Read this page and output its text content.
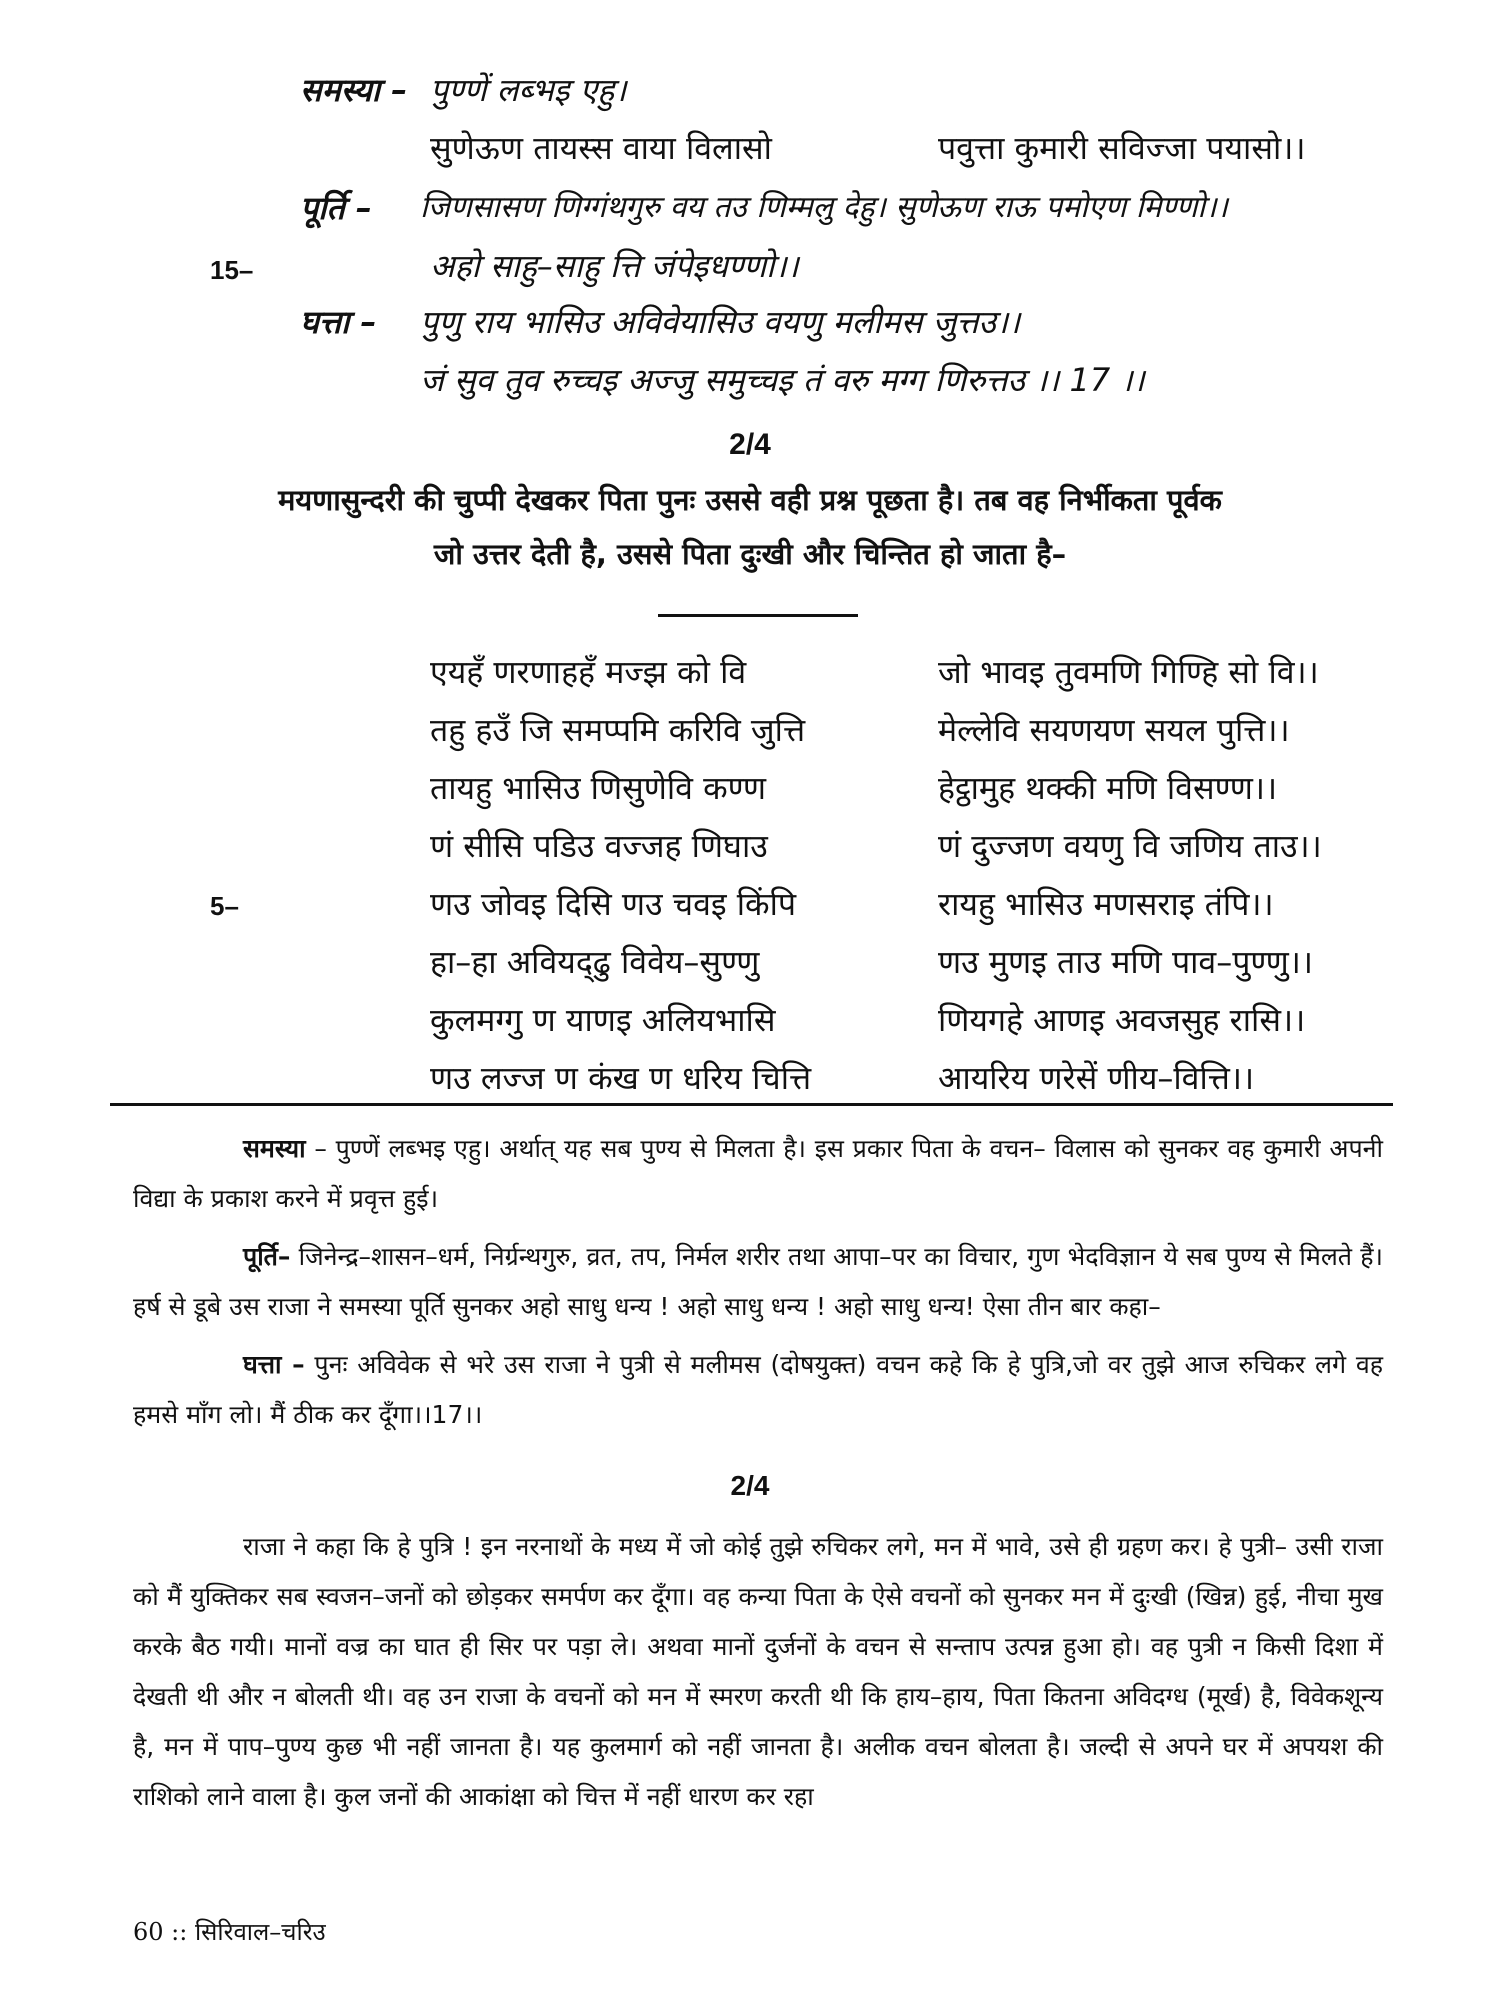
समस्या – पुण्णें लब्भइ एहु।
सुणेऊण तायस्स वाया विलासो	पवुत्ता कुमारी सविज्जा पयासो।।
पूर्ति – जिणसासण णिग्गंथगुरु वय तउ णिम्मलु देहु। सुणेऊण राऊ पमोएण मिण्णो।।
15–	अहो साहु–साहु त्ति जंपेइधण्णो।।
घत्ता – पुणु राय भासिउ अविवेयासिउ वयणु मलीमस जुत्तउ।।
जं सुव तुव रुच्चइ अज्जु समुच्चइ तं वरु मग्ग णिरुत्तउ ।। 17 ।।
2/4
मयणासुन्दरी की चुप्पी देखकर पिता पुनः उससे वही प्रश्न पूछता है। तब वह निर्भीकता पूर्वक
जो उत्तर देती है, उससे पिता दुःखी और चिन्तित हो जाता है–
एयहँ णरणाहहँ मज्झ को वि	जो भावइ तुवमणि गिण्हि सो वि।।
तहु हउँ जि समप्पमि करिवि जुत्ति	मेल्लेवि सयणयण सयल पुत्ति।।
तायहु भासिउ णिसुणेवि कण्ण	हेट्ठामुह थक्की मणि विसण्ण।।
णं सीसि पडिउ वज्जह णिघाउ	णं दुज्जण वयणु वि जणिय ताउ।।
5–	णउ जोवइ दिसि णउ चवइ किंपि	रायहु भासिउ मणसराइ तंपि।।
हा–हा अवियद्ढु विवेय–सुण्णु	णउ मुणइ ताउ मणि पाव–पुण्णु।।
कुलमग्गु ण याणइ अलियभासि	णियगहे आणइ अवजसुह रासि।।
णउ लज्ज ण कंख ण धरिय चित्ति	आयरिय णरेसें णीय–वित्ति।।
समस्या – पुण्णें लब्भइ एहु। अर्थात् यह सब पुण्य से मिलता है। इस प्रकार पिता के वचन– विलास को सुनकर वह कुमारी अपनी विद्या के प्रकाश करने में प्रवृत्त हुई।
पूर्ति– जिनेन्द्र–शासन–धर्म, निर्ग्रन्थगुरु, व्रत, तप, निर्मल शरीर तथा आपा–पर का विचार, गुण भेदविज्ञान ये सब पुण्य से मिलते हैं। हर्ष से डूबे उस राजा ने समस्या पूर्ति सुनकर अहो साधु धन्य ! अहो साधु धन्य ! अहो साधु धन्य! ऐसा तीन बार कहा–
घत्ता – पुनः अविवेक से भरे उस राजा ने पुत्री से मलीमस (दोषयुक्त) वचन कहे कि हे पुत्रि,जो वर तुझे आज रुचिकर लगे वह हमसे माँग लो। मैं ठीक कर दूँगा।।17।।
2/4
राजा ने कहा कि हे पुत्रि ! इन नरनाथों के मध्य में जो कोई तुझे रुचिकर लगे, मन में भावे, उसे ही ग्रहण कर। हे पुत्री– उसी राजा को मैं युक्तिकर सब स्वजन–जनों को छोड़कर समर्पण कर दूँगा। वह कन्या पिता के ऐसे वचनों को सुनकर मन में दुःखी (खिन्न) हुई, नीचा मुख करके बैठ गयी। मानों वज्र का घात ही सिर पर पड़ा ले। अथवा मानों दुर्जनों के वचन से सन्ताप उत्पन्न हुआ हो। वह पुत्री न किसी दिशा में देखती थी और न बोलती थी। वह उन राजा के वचनों को मन में स्मरण करती थी कि हाय–हाय, पिता कितना अविदग्ध (मूर्ख) है, विवेकशून्य है, मन में पाप–पुण्य कुछ भी नहीं जानता है। यह कुलमार्ग को नहीं जानता है। अलीक वचन बोलता है। जल्दी से अपने घर में अपयश की राशिको लाने वाला है। कुल जनों की आकांक्षा को चित्त में नहीं धारण कर रहा
60 :: सिरिवाल–चरिउ
